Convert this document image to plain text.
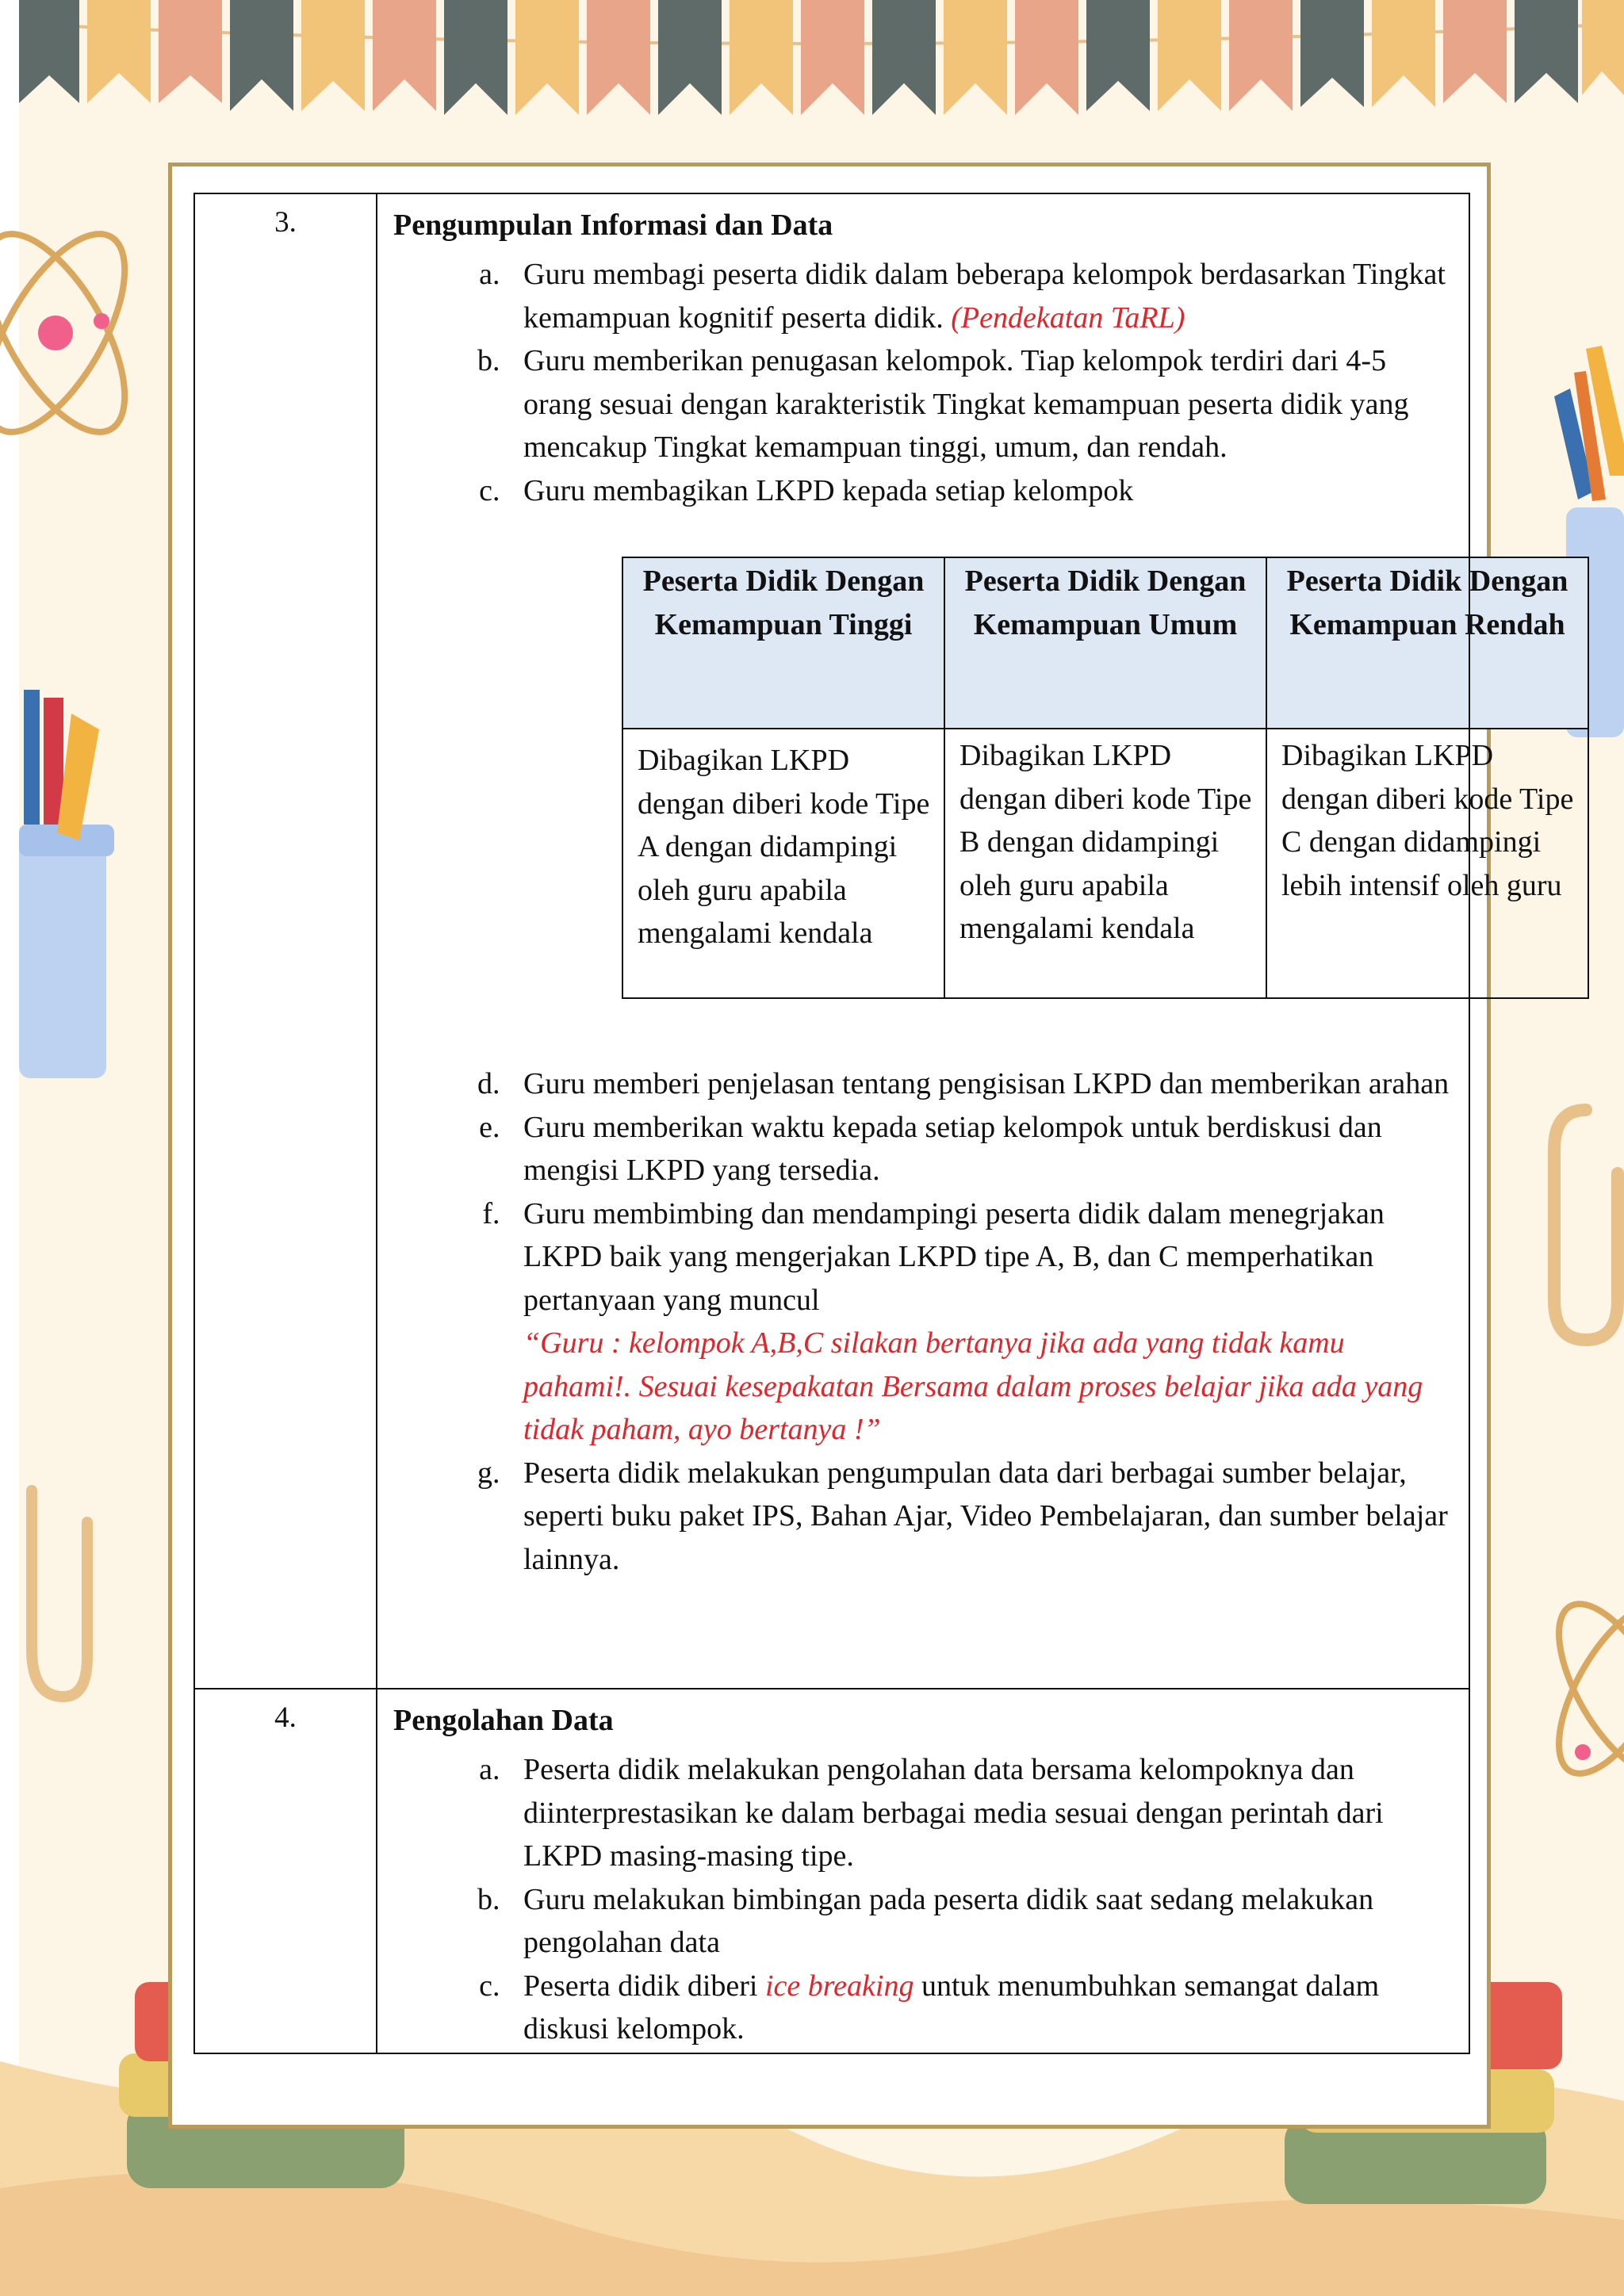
3.	Pengumpulan Informasi dan Data
a. Guru membagi peserta didik dalam beberapa kelompok berdasarkan Tingkat kemampuan kognitif peserta didik. (Pendekatan TaRL)
b. Guru memberikan penugasan kelompok. Tiap kelompok terdiri dari 4-5 orang sesuai dengan karakteristik Tingkat kemampuan peserta didik yang mencakup Tingkat kemampuan tinggi, umum, dan rendah.
c. Guru membagikan LKPD kepada setiap kelompok
Peserta Didik Dengan Kemampuan Tinggi	Peserta Didik Dengan Kemampuan Umum	Peserta Didik Dengan Kemampuan Rendah
Dibagikan LKPD dengan diberi kode Tipe A dengan didampingi oleh guru apabila mengalami kendala	Dibagikan LKPD dengan diberi kode Tipe B dengan didampingi oleh guru apabila mengalami kendala	Dibagikan LKPD dengan diberi kode Tipe C dengan didampingi lebih intensif oleh guru
d. Guru memberi penjelasan tentang pengisisan LKPD dan memberikan arahan
e. Guru memberikan waktu kepada setiap kelompok untuk berdiskusi dan mengisi LKPD yang tersedia.
f. Guru membimbing dan mendampingi peserta didik dalam menegrjakan LKPD baik yang mengerjakan LKPD tipe A, B, dan C memperhatikan pertanyaan yang muncul
“Guru : kelompok A,B,C silakan bertanya jika ada yang tidak kamu pahami!. Sesuai kesepakatan Bersama dalam proses belajar jika ada yang tidak paham, ayo bertanya !”
g. Peserta didik melakukan pengumpulan data dari berbagai sumber belajar, seperti buku paket IPS, Bahan Ajar, Video Pembelajaran, dan sumber belajar lainnya.

4.	Pengolahan Data
a. Peserta didik melakukan pengolahan data bersama kelompoknya dan diinterprestasikan ke dalam berbagai media sesuai dengan perintah dari LKPD masing-masing tipe.
b. Guru melakukan bimbingan pada peserta didik saat sedang melakukan pengolahan data
c. Peserta didik diberi ice breaking untuk menumbuhkan semangat dalam diskusi kelompok.
